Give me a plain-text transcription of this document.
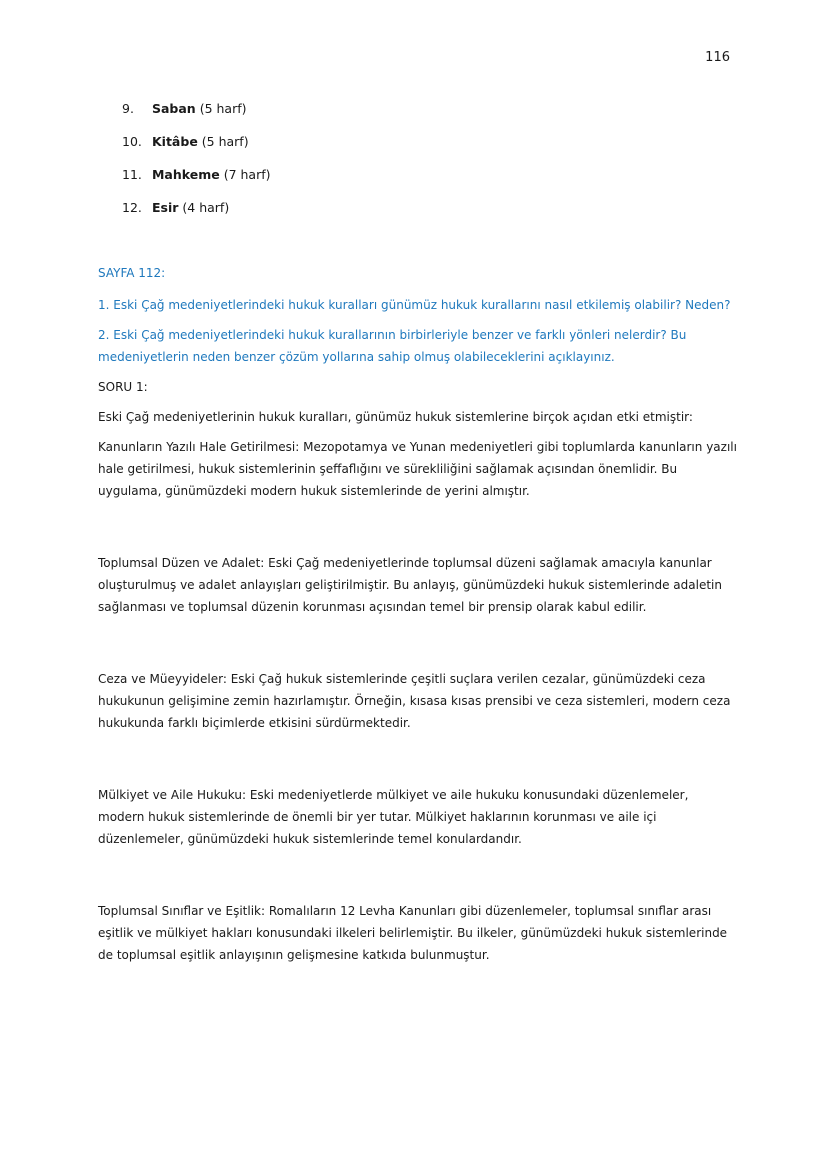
116
9. Saban (5 harf)
10. Kitâbe (5 harf)
11. Mahkeme (7 harf)
12. Esir (4 harf)
SAYFA 112:
1. Eski Çağ medeniyetlerindeki hukuk kuralları günümüz hukuk kurallarını nasıl etkilemiş olabilir? Neden?
2. Eski Çağ medeniyetlerindeki hukuk kurallarının birbirleriyle benzer ve farklı yönleri nelerdir? Bu medeniyetlerin neden benzer çözüm yollarına sahip olmuş olabileceklerini açıklayınız.
SORU 1:
Eski Çağ medeniyetlerinin hukuk kuralları, günümüz hukuk sistemlerine birçok açıdan etki etmiştir:
Kanunların Yazılı Hale Getirilmesi: Mezopotamya ve Yunan medeniyetleri gibi toplumlarda kanunların yazılı hale getirilmesi, hukuk sistemlerinin şeffaflığını ve sürekliliğini sağlamak açısından önemlidir. Bu uygulama, günümüzdeki modern hukuk sistemlerinde de yerini almıştır.
Toplumsal Düzen ve Adalet: Eski Çağ medeniyetlerinde toplumsal düzeni sağlamak amacıyla kanunlar oluşturulmuş ve adalet anlayışları geliştirilmiştir. Bu anlayış, günümüzdeki hukuk sistemlerinde adaletin sağlanması ve toplumsal düzenin korunması açısından temel bir prensip olarak kabul edilir.
Ceza ve Müeyyideler: Eski Çağ hukuk sistemlerinde çeşitli suçlara verilen cezalar, günümüzdeki ceza hukukunun gelişimine zemin hazırlamıştır. Örneğin, kısasa kısas prensibi ve ceza sistemleri, modern ceza hukukunda farklı biçimlerde etkisini sürdürmektedir.
Mülkiyet ve Aile Hukuku: Eski medeniyetlerde mülkiyet ve aile hukuku konusundaki düzenlemeler, modern hukuk sistemlerinde de önemli bir yer tutar. Mülkiyet haklarının korunması ve aile içi düzenlemeler, günümüzdeki hukuk sistemlerinde temel konulardandır.
Toplumsal Sınıflar ve Eşitlik: Romalıların 12 Levha Kanunları gibi düzenlemeler, toplumsal sınıflar arası eşitlik ve mülkiyet hakları konusundaki ilkeleri belirlemiştir. Bu ilkeler, günümüzdeki hukuk sistemlerinde de toplumsal eşitlik anlayışının gelişmesine katkıda bulunmuştur.
